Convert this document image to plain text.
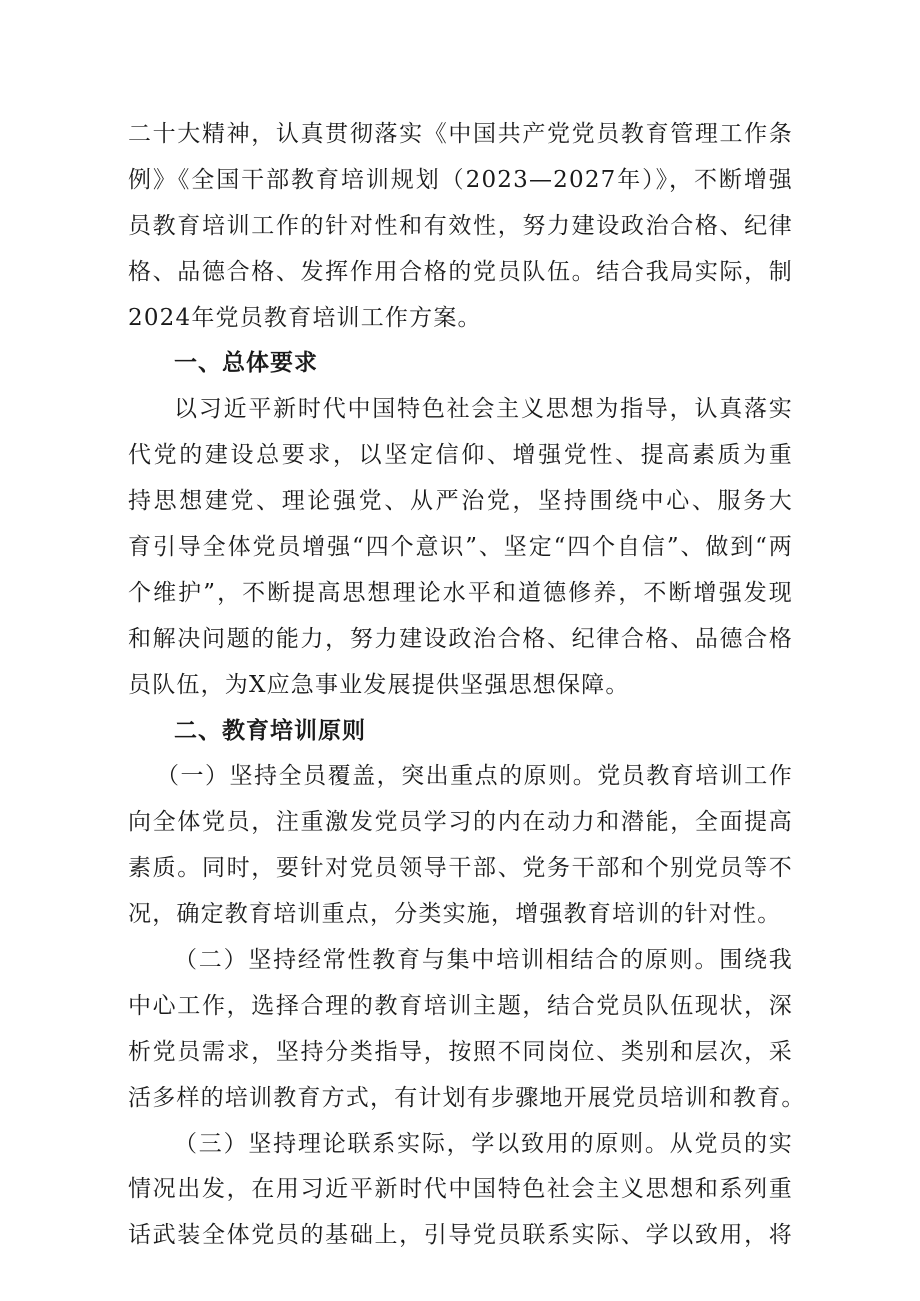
二十大精神，认真贯彻落实《中国共产党党员教育管理工作条
例》《全国干部教育培训规划（2023—2027年）》，不断增强
员教育培训工作的针对性和有效性，努力建设政治合格、纪律
格、品德合格、发挥作用合格的党员队伍。结合我局实际，制
2024年党员教育培训工作方案。
一、总体要求
以习近平新时代中国特色社会主义思想为指导，认真落实
代党的建设总要求，以坚定信仰、增强党性、提高素质为重
持思想建党、理论强党、从严治党，坚持围绕中心、服务大
育引导全体党员增强“四个意识”、坚定“四个自信”、做到“两
个维护”，不断提高思想理论水平和道德修养，不断增强发现
和解决问题的能力，努力建设政治合格、纪律合格、品德合格
员队伍，为X应急事业发展提供坚强思想保障。
二、教育培训原则
（一）坚持全员覆盖，突出重点的原则。党员教育培训工作
向全体党员，注重激发党员学习的内在动力和潜能，全面提高
素质。同时，要针对党员领导干部、党务干部和个别党员等不
况，确定教育培训重点，分类实施，增强教育培训的针对性。
（二）坚持经常性教育与集中培训相结合的原则。围绕我
中心工作，选择合理的教育培训主题，结合党员队伍现状，深
析党员需求，坚持分类指导，按照不同岗位、类别和层次，采
活多样的培训教育方式，有计划有步骤地开展党员培训和教育。
（三）坚持理论联系实际，学以致用的原则。从党员的实
情况出发，在用习近平新时代中国特色社会主义思想和系列重
话武装全体党员的基础上，引导党员联系实际、学以致用，将
